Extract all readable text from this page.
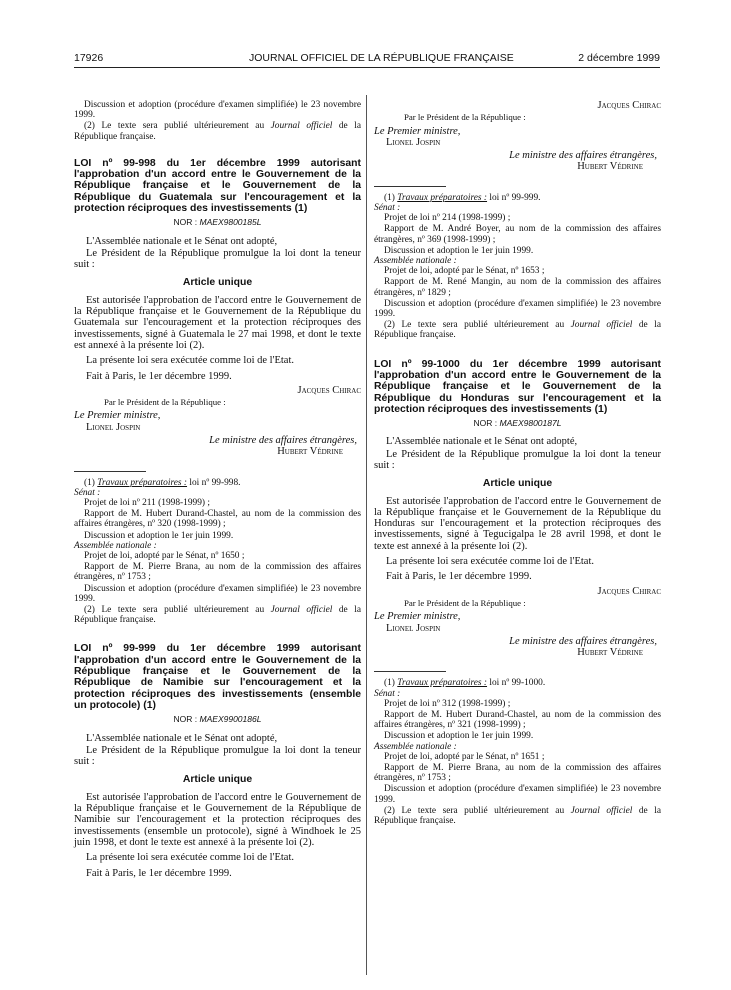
17926	JOURNAL OFFICIEL DE LA RÉPUBLIQUE FRANÇAISE	2 décembre 1999

Discussion et adoption (procédure d'examen simplifiée) le 23 novembre 1999.

(2) Le texte sera publié ultérieurement au Journal officiel de la République française.

LOI nº 99-998 du 1er décembre 1999 autorisant l'approbation d'un accord entre le Gouvernement de la République française et le Gouvernement de la République du Guatemala sur l'encouragement et la protection réciproques des investissements (1)

NOR : MAEX9800185L

L'Assemblée nationale et le Sénat ont adopté,

Le Président de la République promulgue la loi dont la teneur suit :

Article unique

Est autorisée l'approbation de l'accord entre le Gouvernement de la République française et le Gouvernement de la République du Guatemala sur l'encouragement et la protection réciproques des investissements, signé à Guatemala le 27 mai 1998, et dont le texte est annexé à la présente loi (2).

La présente loi sera exécutée comme loi de l'Etat.

Fait à Paris, le 1er décembre 1999.

Jacques Chirac

Par le Président de la République :

Le Premier ministre,

Lionel Jospin

Le ministre des affaires étrangères,

Hubert Védrine

(1) Travaux préparatoires : loi nº 99-998.

Sénat :

Projet de loi nº 211 (1998-1999) ;

Rapport de M. Hubert Durand-Chastel, au nom de la commission des affaires étrangères, nº 320 (1998-1999) ;

Discussion et adoption le 1er juin 1999.

Assemblée nationale :

Projet de loi, adopté par le Sénat, nº 1650 ;

Rapport de M. Pierre Brana, au nom de la commission des affaires étrangères, nº 1753 ;

Discussion et adoption (procédure d'examen simplifiée) le 23 novembre 1999.

(2) Le texte sera publié ultérieurement au Journal officiel de la République française.

LOI nº 99-999 du 1er décembre 1999 autorisant l'approbation d'un accord entre le Gouvernement de la République française et le Gouvernement de la République de Namibie sur l'encouragement et la protection réciproques des investissements (ensemble un protocole) (1)

NOR : MAEX9900186L

L'Assemblée nationale et le Sénat ont adopté,

Le Président de la République promulgue la loi dont la teneur suit :

Article unique

Est autorisée l'approbation de l'accord entre le Gouvernement de la République française et le Gouvernement de la République de Namibie sur l'encouragement et la protection réciproques des investissements (ensemble un protocole), signé à Windhoek le 25 juin 1998, et dont le texte est annexé à la présente loi (2).

La présente loi sera exécutée comme loi de l'Etat.

Fait à Paris, le 1er décembre 1999.

Jacques Chirac

Par le Président de la République :

Le Premier ministre,

Lionel Jospin

Le ministre des affaires étrangères,

Hubert Védrine

(1) Travaux préparatoires : loi nº 99-999.

Sénat :

Projet de loi nº 214 (1998-1999) ;

Rapport de M. André Boyer, au nom de la commission des affaires étrangères, nº 369 (1998-1999) ;

Discussion et adoption le 1er juin 1999.

Assemblée nationale :

Projet de loi, adopté par le Sénat, nº 1653 ;

Rapport de M. René Mangin, au nom de la commission des affaires étrangères, nº 1829 ;

Discussion et adoption (procédure d'examen simplifiée) le 23 novembre 1999.

(2) Le texte sera publié ultérieurement au Journal officiel de la République française.

LOI nº 99-1000 du 1er décembre 1999 autorisant l'approbation d'un accord entre le Gouvernement de la République française et le Gouvernement de la République du Honduras sur l'encouragement et la protection réciproques des investissements (1)

NOR : MAEX9800187L

L'Assemblée nationale et le Sénat ont adopté,

Le Président de la République promulgue la loi dont la teneur suit :

Article unique

Est autorisée l'approbation de l'accord entre le Gouvernement de la République française et le Gouvernement de la République du Honduras sur l'encouragement et la protection réciproques des investissements, signé à Tegucigalpa le 28 avril 1998, et dont le texte est annexé à la présente loi (2).

La présente loi sera exécutée comme loi de l'Etat.

Fait à Paris, le 1er décembre 1999.

Jacques Chirac

Par le Président de la République :

Le Premier ministre,

Lionel Jospin

Le ministre des affaires étrangères,

Hubert Védrine

(1) Travaux préparatoires : loi nº 99-1000.

Sénat :

Projet de loi nº 312 (1998-1999) ;

Rapport de M. Hubert Durand-Chastel, au nom de la commission des affaires étrangères, nº 321 (1998-1999) ;

Discussion et adoption le 1er juin 1999.

Assemblée nationale :

Projet de loi, adopté par le Sénat, nº 1651 ;

Rapport de M. Pierre Brana, au nom de la commission des affaires étrangères, nº 1753 ;

Discussion et adoption (procédure d'examen simplifiée) le 23 novembre 1999.

(2) Le texte sera publié ultérieurement au Journal officiel de la République française.
